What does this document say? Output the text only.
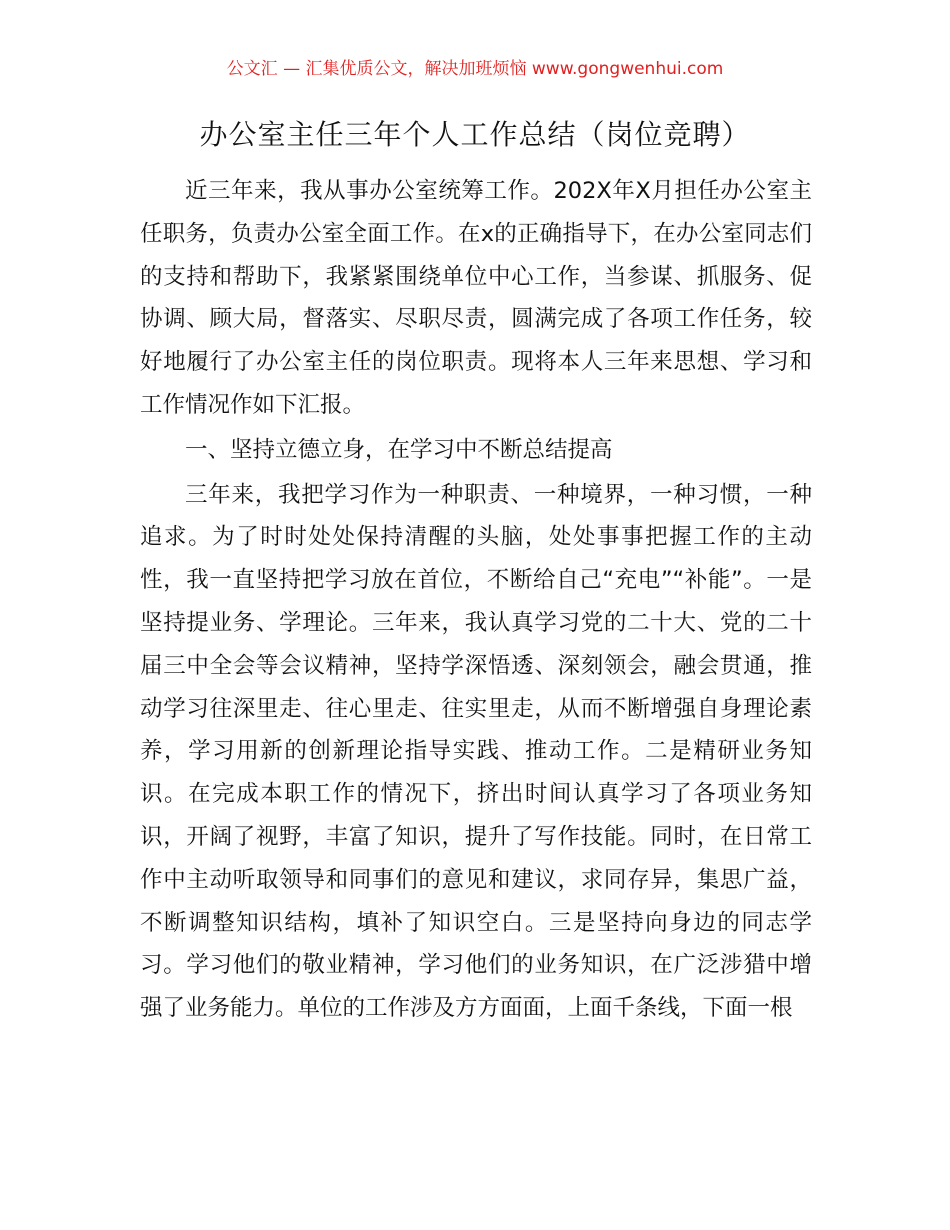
公文汇 — 汇集优质公文，解决加班烦恼 www.gongwenhui.com
办公室主任三年个人工作总结（岗位竞聘）

近三年来，我从事办公室统筹工作。202X年X月担任办公室主任职务，负责办公室全面工作。在x的正确指导下，在办公室同志们的支持和帮助下，我紧紧围绕单位中心工作，当参谋、抓服务、促协调、顾大局，督落实、尽职尽责，圆满完成了各项工作任务，较好地履行了办公室主任的岗位职责。现将本人三年来思想、学习和工作情况作如下汇报。

一、坚持立德立身，在学习中不断总结提高

三年来，我把学习作为一种职责、一种境界，一种习惯，一种追求。为了时时处处保持清醒的头脑，处处事事把握工作的主动性，我一直坚持把学习放在首位，不断给自己“充电”“补能”。一是坚持提业务、学理论。三年来，我认真学习党的二十大、党的二十届三中全会等会议精神，坚持学深悟透、深刻领会，融会贯通，推动学习往深里走、往心里走、往实里走，从而不断增强自身理论素养，学习用新的创新理论指导实践、推动工作。二是精研业务知识。在完成本职工作的情况下，挤出时间认真学习了各项业务知识，开阔了视野，丰富了知识，提升了写作技能。同时，在日常工作中主动听取领导和同事们的意见和建议，求同存异，集思广益，不断调整知识结构，填补了知识空白。三是坚持向身边的同志学习。学习他们的敬业精神，学习他们的业务知识，在广泛涉猎中增强了业务能力。单位的工作涉及方方面面，上面千条线，下面一根
